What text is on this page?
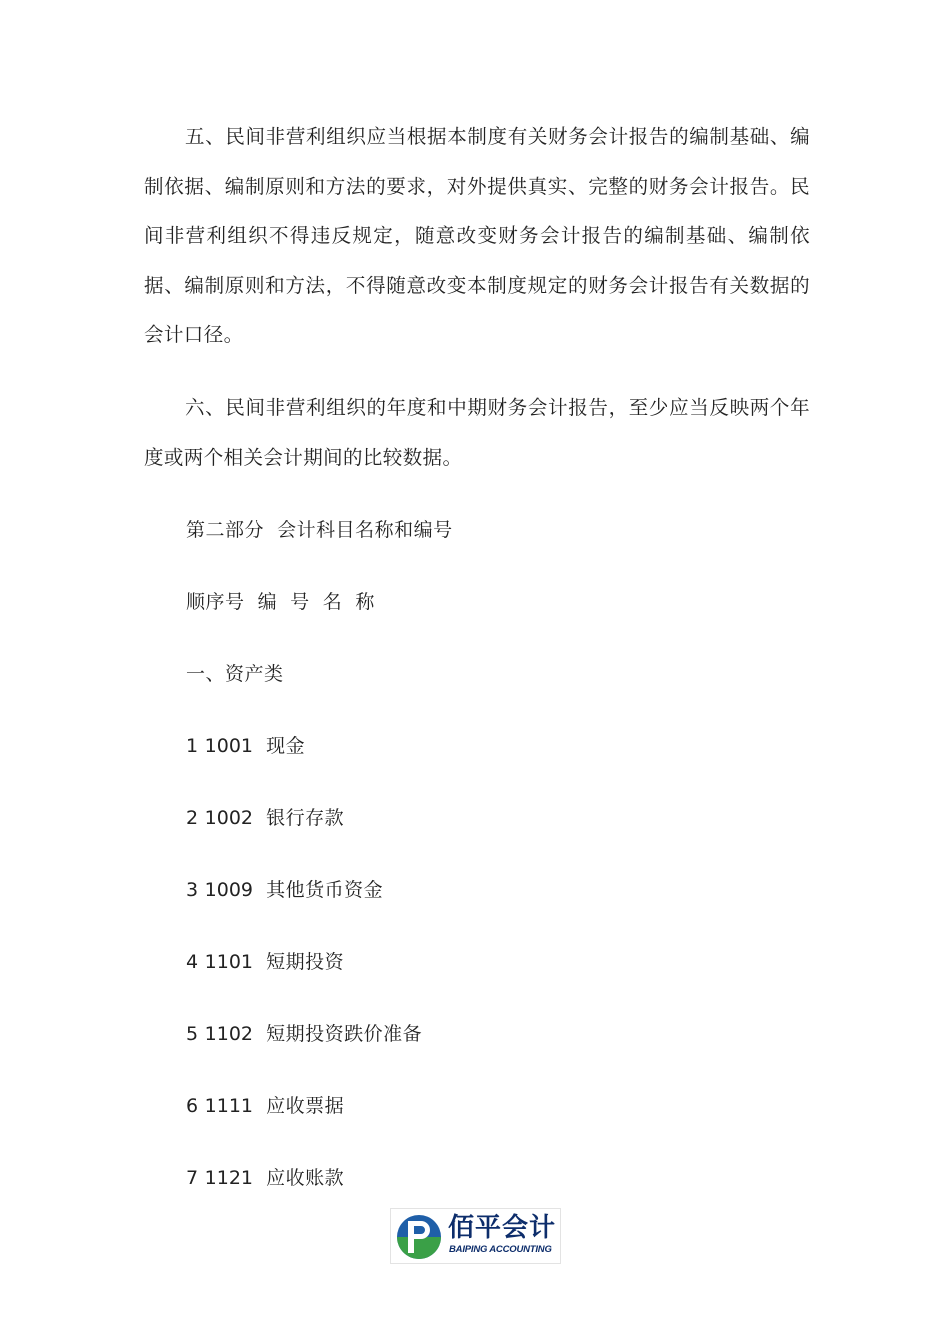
五、民间非营利组织应当根据本制度有关财务会计报告的编制基础、编制依据、编制原则和方法的要求，对外提供真实、完整的财务会计报告。民间非营利组织不得违反规定，随意改变财务会计报告的编制基础、编制依据、编制原则和方法，不得随意改变本制度规定的财务会计报告有关数据的会计口径。

六、民间非营利组织的年度和中期财务会计报告，至少应当反映两个年度或两个相关会计期间的比较数据。

第二部分  会计科目名称和编号
顺序号  编  号  名  称
一、资产类
1 1001 现金
2 1002 银行存款
3 1009 其他货币资金
4 1101 短期投资
5 1102 短期投资跌价准备
6 1111 应收票据
7 1121 应收账款
佰平会计
BAIPING ACCOUNTING
